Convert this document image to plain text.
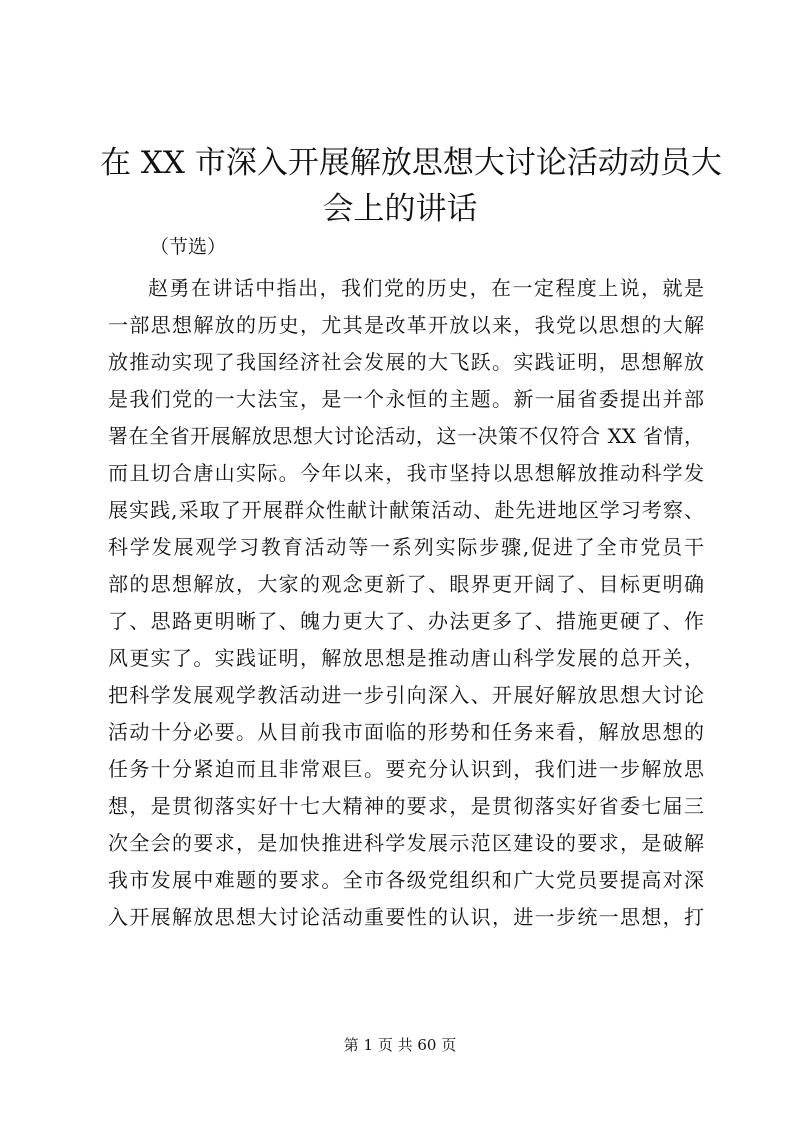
在 XX 市深入开展解放思想大讨论活动动员大
会上的讲话
（节选）
赵勇在讲话中指出，我们党的历史，在一定程度上说，就是
一部思想解放的历史，尤其是改革开放以来，我党以思想的大解
放推动实现了我国经济社会发展的大飞跃。实践证明，思想解放
是我们党的一大法宝，是一个永恒的主题。新一届省委提出并部
署在全省开展解放思想大讨论活动，这一决策不仅符合 XX 省情，
而且切合唐山实际。今年以来，我市坚持以思想解放推动科学发
展实践,采取了开展群众性献计献策活动、赴先进地区学习考察、
科学发展观学习教育活动等一系列实际步骤,促进了全市党员干
部的思想解放，大家的观念更新了、眼界更开阔了、目标更明确
了、思路更明晰了、魄力更大了、办法更多了、措施更硬了、作
风更实了。实践证明，解放思想是推动唐山科学发展的总开关，
把科学发展观学教活动进一步引向深入、开展好解放思想大讨论
活动十分必要。从目前我市面临的形势和任务来看，解放思想的
任务十分紧迫而且非常艰巨。要充分认识到，我们进一步解放思
想，是贯彻落实好十七大精神的要求，是贯彻落实好省委七届三
次全会的要求，是加快推进科学发展示范区建设的要求，是破解
我市发展中难题的要求。全市各级党组织和广大党员要提高对深
入开展解放思想大讨论活动重要性的认识，进一步统一思想，打
第 1 页 共 60 页
